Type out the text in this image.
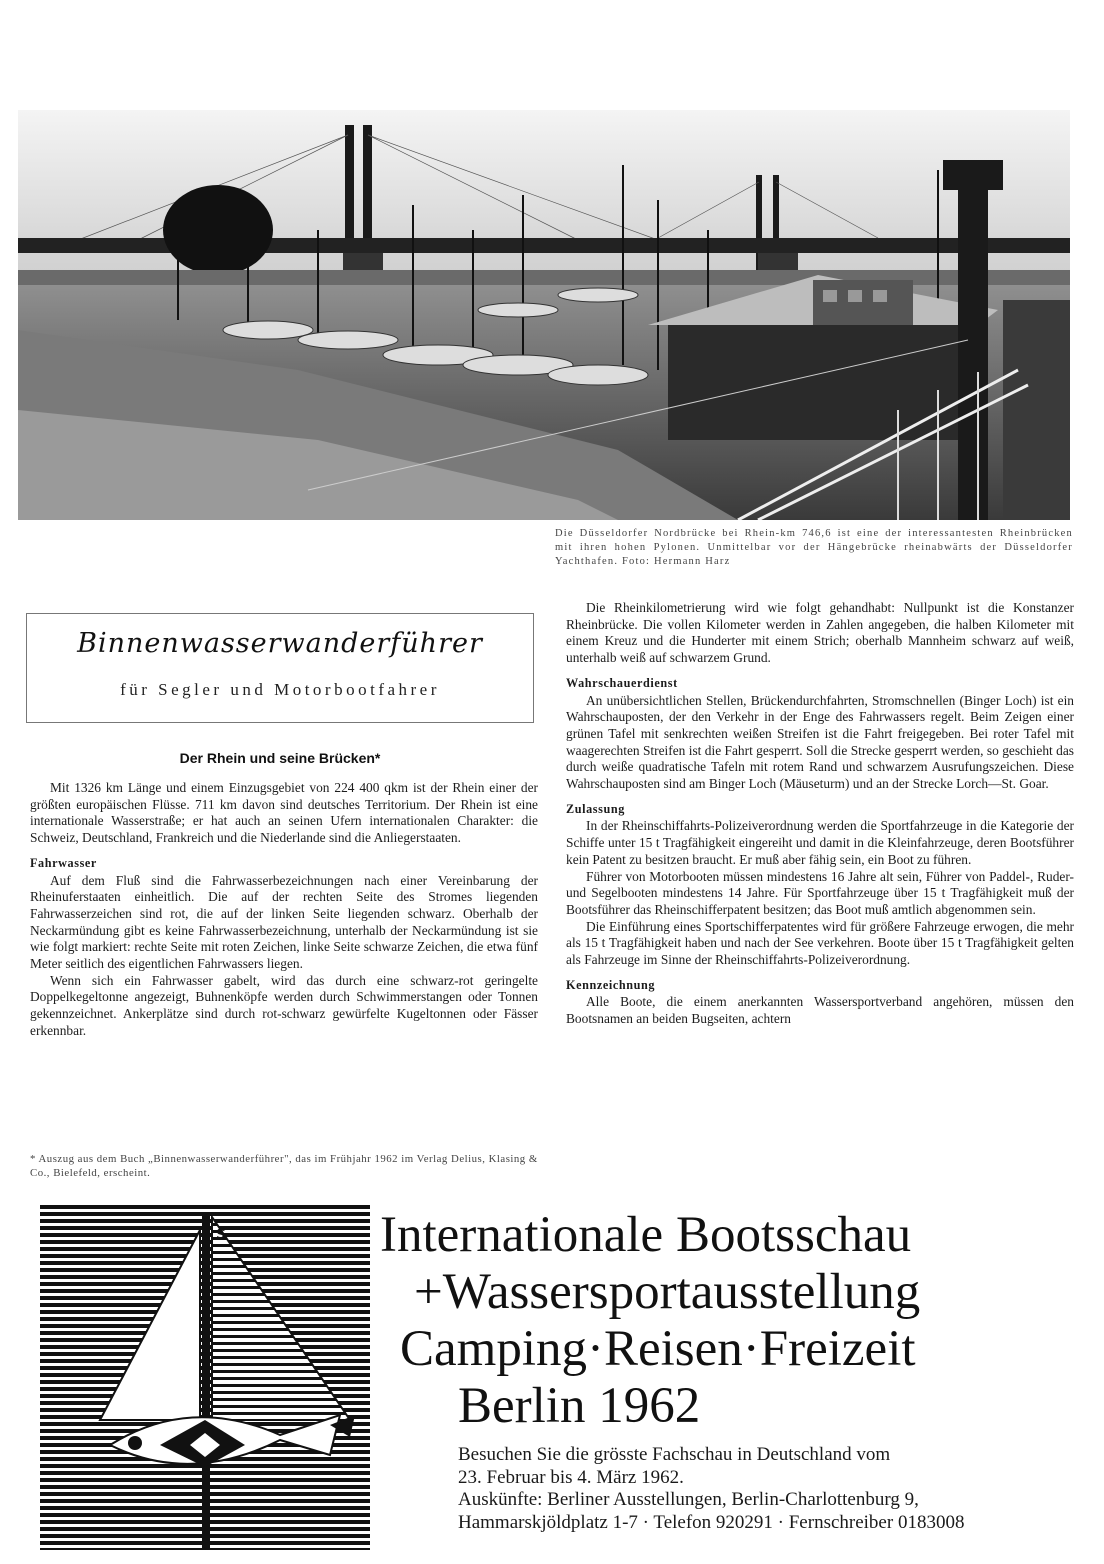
Die Düsseldorfer Nordbrücke bei Rhein-km 746,6 ist eine der interessantesten Rheinbrücken mit ihren hohen Pylonen. Unmittelbar vor der Hängebrücke rheinabwärts der Düsseldorfer Yachthafen. Foto: Hermann Harz
Binnenwasserwanderführer
für Segler und Motorbootfahrer
Der Rhein und seine Brücken*

Mit 1326 km Länge und einem Einzugsgebiet von 224 400 qkm ist der Rhein einer der größten europäischen Flüsse. 711 km davon sind deutsches Territorium. Der Rhein ist eine internationale Wasserstraße; er hat auch an seinen Ufern internationalen Charakter: die Schweiz, Deutschland, Frankreich und die Niederlande sind die Anliegerstaaten.

Fahrwasser

Auf dem Fluß sind die Fahrwasserbezeichnungen nach einer Vereinbarung der Rheinuferstaaten einheitlich. Die auf der rechten Seite des Stromes liegenden Fahrwasserzeichen sind rot, die auf der linken Seite liegenden schwarz. Oberhalb der Neckarmündung gibt es keine Fahrwasserbezeichnung, unterhalb der Neckarmündung ist sie wie folgt markiert: rechte Seite mit roten Zeichen, linke Seite schwarze Zeichen, die etwa fünf Meter seitlich des eigentlichen Fahrwassers liegen.

Wenn sich ein Fahrwasser gabelt, wird das durch eine schwarz-rot geringelte Doppelkegeltonne angezeigt, Buhnenköpfe werden durch Schwimmerstangen oder Tonnen gekennzeichnet. Ankerplätze sind durch rot-schwarz gewürfelte Kugeltonnen oder Fässer erkennbar.

* Auszug aus dem Buch „Binnenwasserwanderführer", das im Frühjahr 1962 im Verlag Delius, Klasing & Co., Bielefeld, erscheint.

Die Rheinkilometrierung wird wie folgt gehandhabt: Nullpunkt ist die Konstanzer Rheinbrücke. Die vollen Kilometer werden in Zahlen angegeben, die halben Kilometer mit einem Kreuz und die Hunderter mit einem Strich; oberhalb Mannheim schwarz auf weiß, unterhalb weiß auf schwarzem Grund.

Wahrschauerdienst

An unübersichtlichen Stellen, Brückendurchfahrten, Stromschnellen (Binger Loch) ist ein Wahrschauposten, der den Verkehr in der Enge des Fahrwassers regelt. Beim Zeigen einer grünen Tafel mit senkrechten weißen Streifen ist die Fahrt freigegeben. Bei roter Tafel mit waagerechten Streifen ist die Fahrt gesperrt. Soll die Strecke gesperrt werden, so geschieht das durch weiße quadratische Tafeln mit rotem Rand und schwarzem Ausrufungszeichen. Diese Wahrschauposten sind am Binger Loch (Mäuseturm) und an der Strecke Lorch—St. Goar.

Zulassung

In der Rheinschiffahrts-Polizeiverordnung werden die Sportfahrzeuge in die Kategorie der Schiffe unter 15 t Tragfähigkeit eingereiht und damit in die Kleinfahrzeuge, deren Bootsführer kein Patent zu besitzen braucht. Er muß aber fähig sein, ein Boot zu führen.

Führer von Motorbooten müssen mindestens 16 Jahre alt sein, Führer von Paddel-, Ruder- und Segelbooten mindestens 14 Jahre. Für Sportfahrzeuge über 15 t Tragfähigkeit muß der Bootsführer das Rheinschifferpatent besitzen; das Boot muß amtlich abgenommen sein.

Die Einführung eines Sportschifferpatentes wird für größere Fahrzeuge erwogen, die mehr als 15 t Tragfähigkeit haben und nach der See verkehren. Boote über 15 t Tragfähigkeit gelten als Fahrzeuge im Sinne der Rheinschiffahrts-Polizeiverordnung.

Kennzeichnung

Alle Boote, die einem anerkannten Wassersportverband angehören, müssen den Bootsnamen an beiden Bugseiten, achtern

S	Internationale Bootsschau
+Wassersportausstellung
Camping·Reisen·Freizeit
Berlin 1962
Besuchen Sie die grösste Fachschau in Deutschland vom
23. Februar bis 4. März 1962.
Auskünfte: Berliner Ausstellungen, Berlin-Charlottenburg 9,
Hammarskjöldplatz 1-7 · Telefon 920291 · Fernschreiber 0183008
